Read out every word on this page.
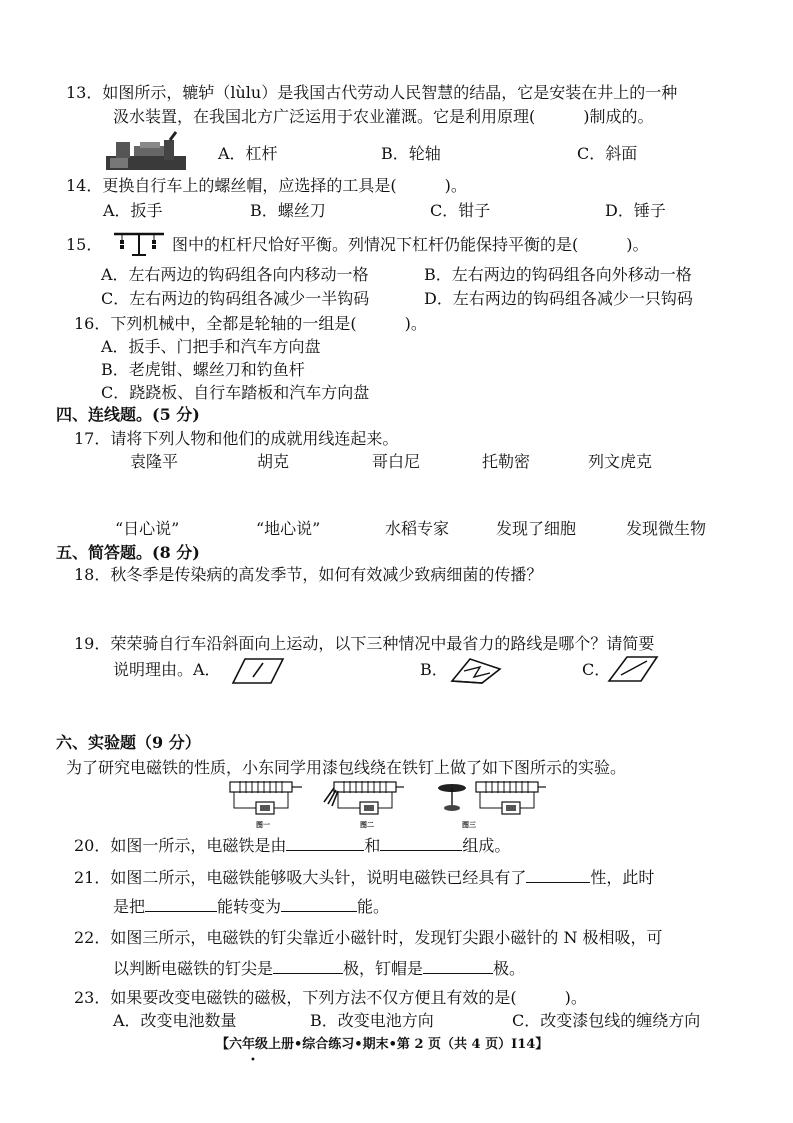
13．如图所示，辘轳（lùlu）是我国古代劳动人民智慧的结晶，它是安装在井上的一种
汲水装置，在我国北方广泛运用于农业灌溉。它是利用原理(　　　)制成的。
A．杠杆	B．轮轴	C．斜面
14．更换自行车上的螺丝帽，应选择的工具是(　　　)。
A．扳手	B．螺丝刀	C．钳子	D．锤子
15．	图中的杠杆尺恰好平衡。列情况下杠杆仍能保持平衡的是(　　　)。
A．左右两边的钩码组各向内移动一格	B．左右两边的钩码组各向外移动一格
C．左右两边的钩码组各减少一半钩码	D．左右两边的钩码组各减少一只钩码
16．下列机械中，全都是轮轴的一组是(　　　)。
A．扳手、门把手和汽车方向盘
B．老虎钳、螺丝刀和钓鱼杆
C．跷跷板、自行车踏板和汽车方向盘
四、连线题。(5 分)
17．请将下列人物和他们的成就用线连起来。
袁隆平	胡克	哥白尼	托勒密	列文虎克
“日心说”	“地心说”	水稻专家	发现了细胞	发现微生物
五、简答题。(8 分)
18．秋冬季是传染病的高发季节，如何有效减少致病细菌的传播？
19．荣荣骑自行车沿斜面向上运动，以下三种情况中最省力的路线是哪个？请简要
说明理由。A．	B．	C．
六、实验题（9 分）
为了研究电磁铁的性质，小东同学用漆包线绕在铁钉上做了如下图所示的实验。
图一	图二	图三
20．如图一所示，电磁铁是由	和	组成。
21．如图二所示，电磁铁能够吸大头针，说明电磁铁已经具有了	性，此时
是把	能转变为	能。
22．如图三所示，电磁铁的钉尖靠近小磁针时，发现钉尖跟小磁针的 N 极相吸，可
以判断电磁铁的钉尖是	极，钉帽是	极。
23．如果要改变电磁铁的磁极，下列方法不仅方便且有效的是(　　　)。
A．改变电池数量	B．改变电池方向	C．改变漆包线的缠绕方向
【六年级上册•综合练习•期末•第 2 页（共 4 页）I14】
•
